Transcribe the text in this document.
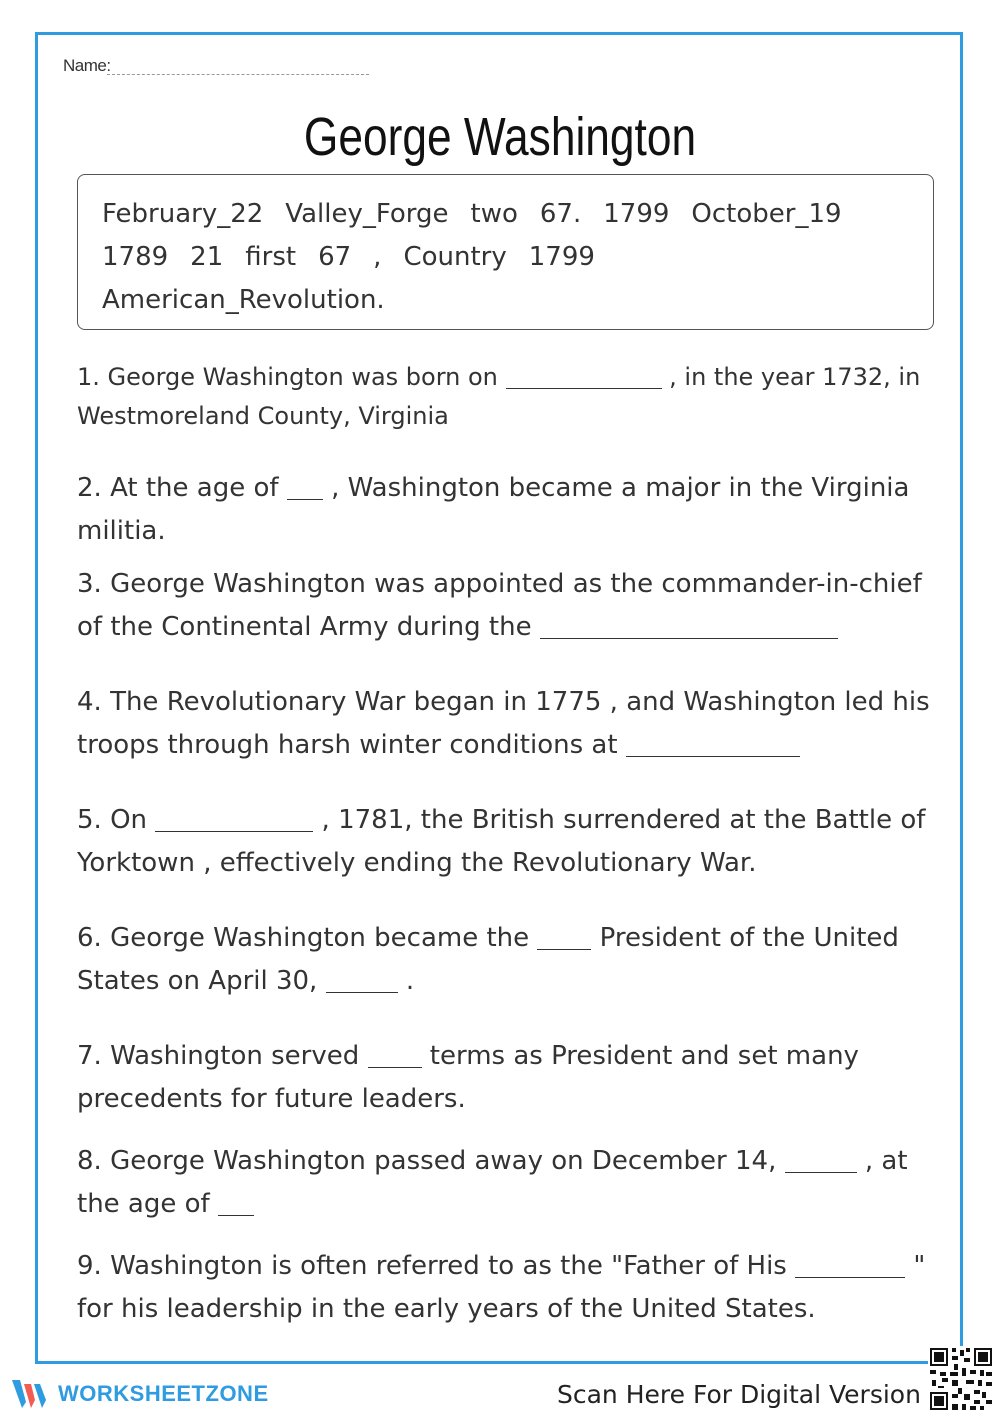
Name:
George Washington
February_22 Valley_Forge two 67. 1799 October_19
1789 21 first 67 , Country 1799
American_Revolution.
1. George Washington was born on	, in the year 1732, in Westmoreland County, Virginia
2. At the age of  , Washington became a major in the Virginia militia.
3. George Washington was appointed as the commander-in-chief of the Continental Army during the
4. The Revolutionary War began in 1775 , and Washington led his troops through harsh winter conditions at
5. On	, 1781, the British surrendered at the Battle of Yorktown , effectively ending the Revolutionary War.
6. George Washington became the  President of the United States on April 30,	.
7. Washington served  terms as President and set many precedents for future leaders.
8. George Washington passed away on December 14,	, at the age of
9. Washington is often referred to as the "Father of His	" for his leadership in the early years of the United States.
WORKSHEETZONE	Scan Here For Digital Version
